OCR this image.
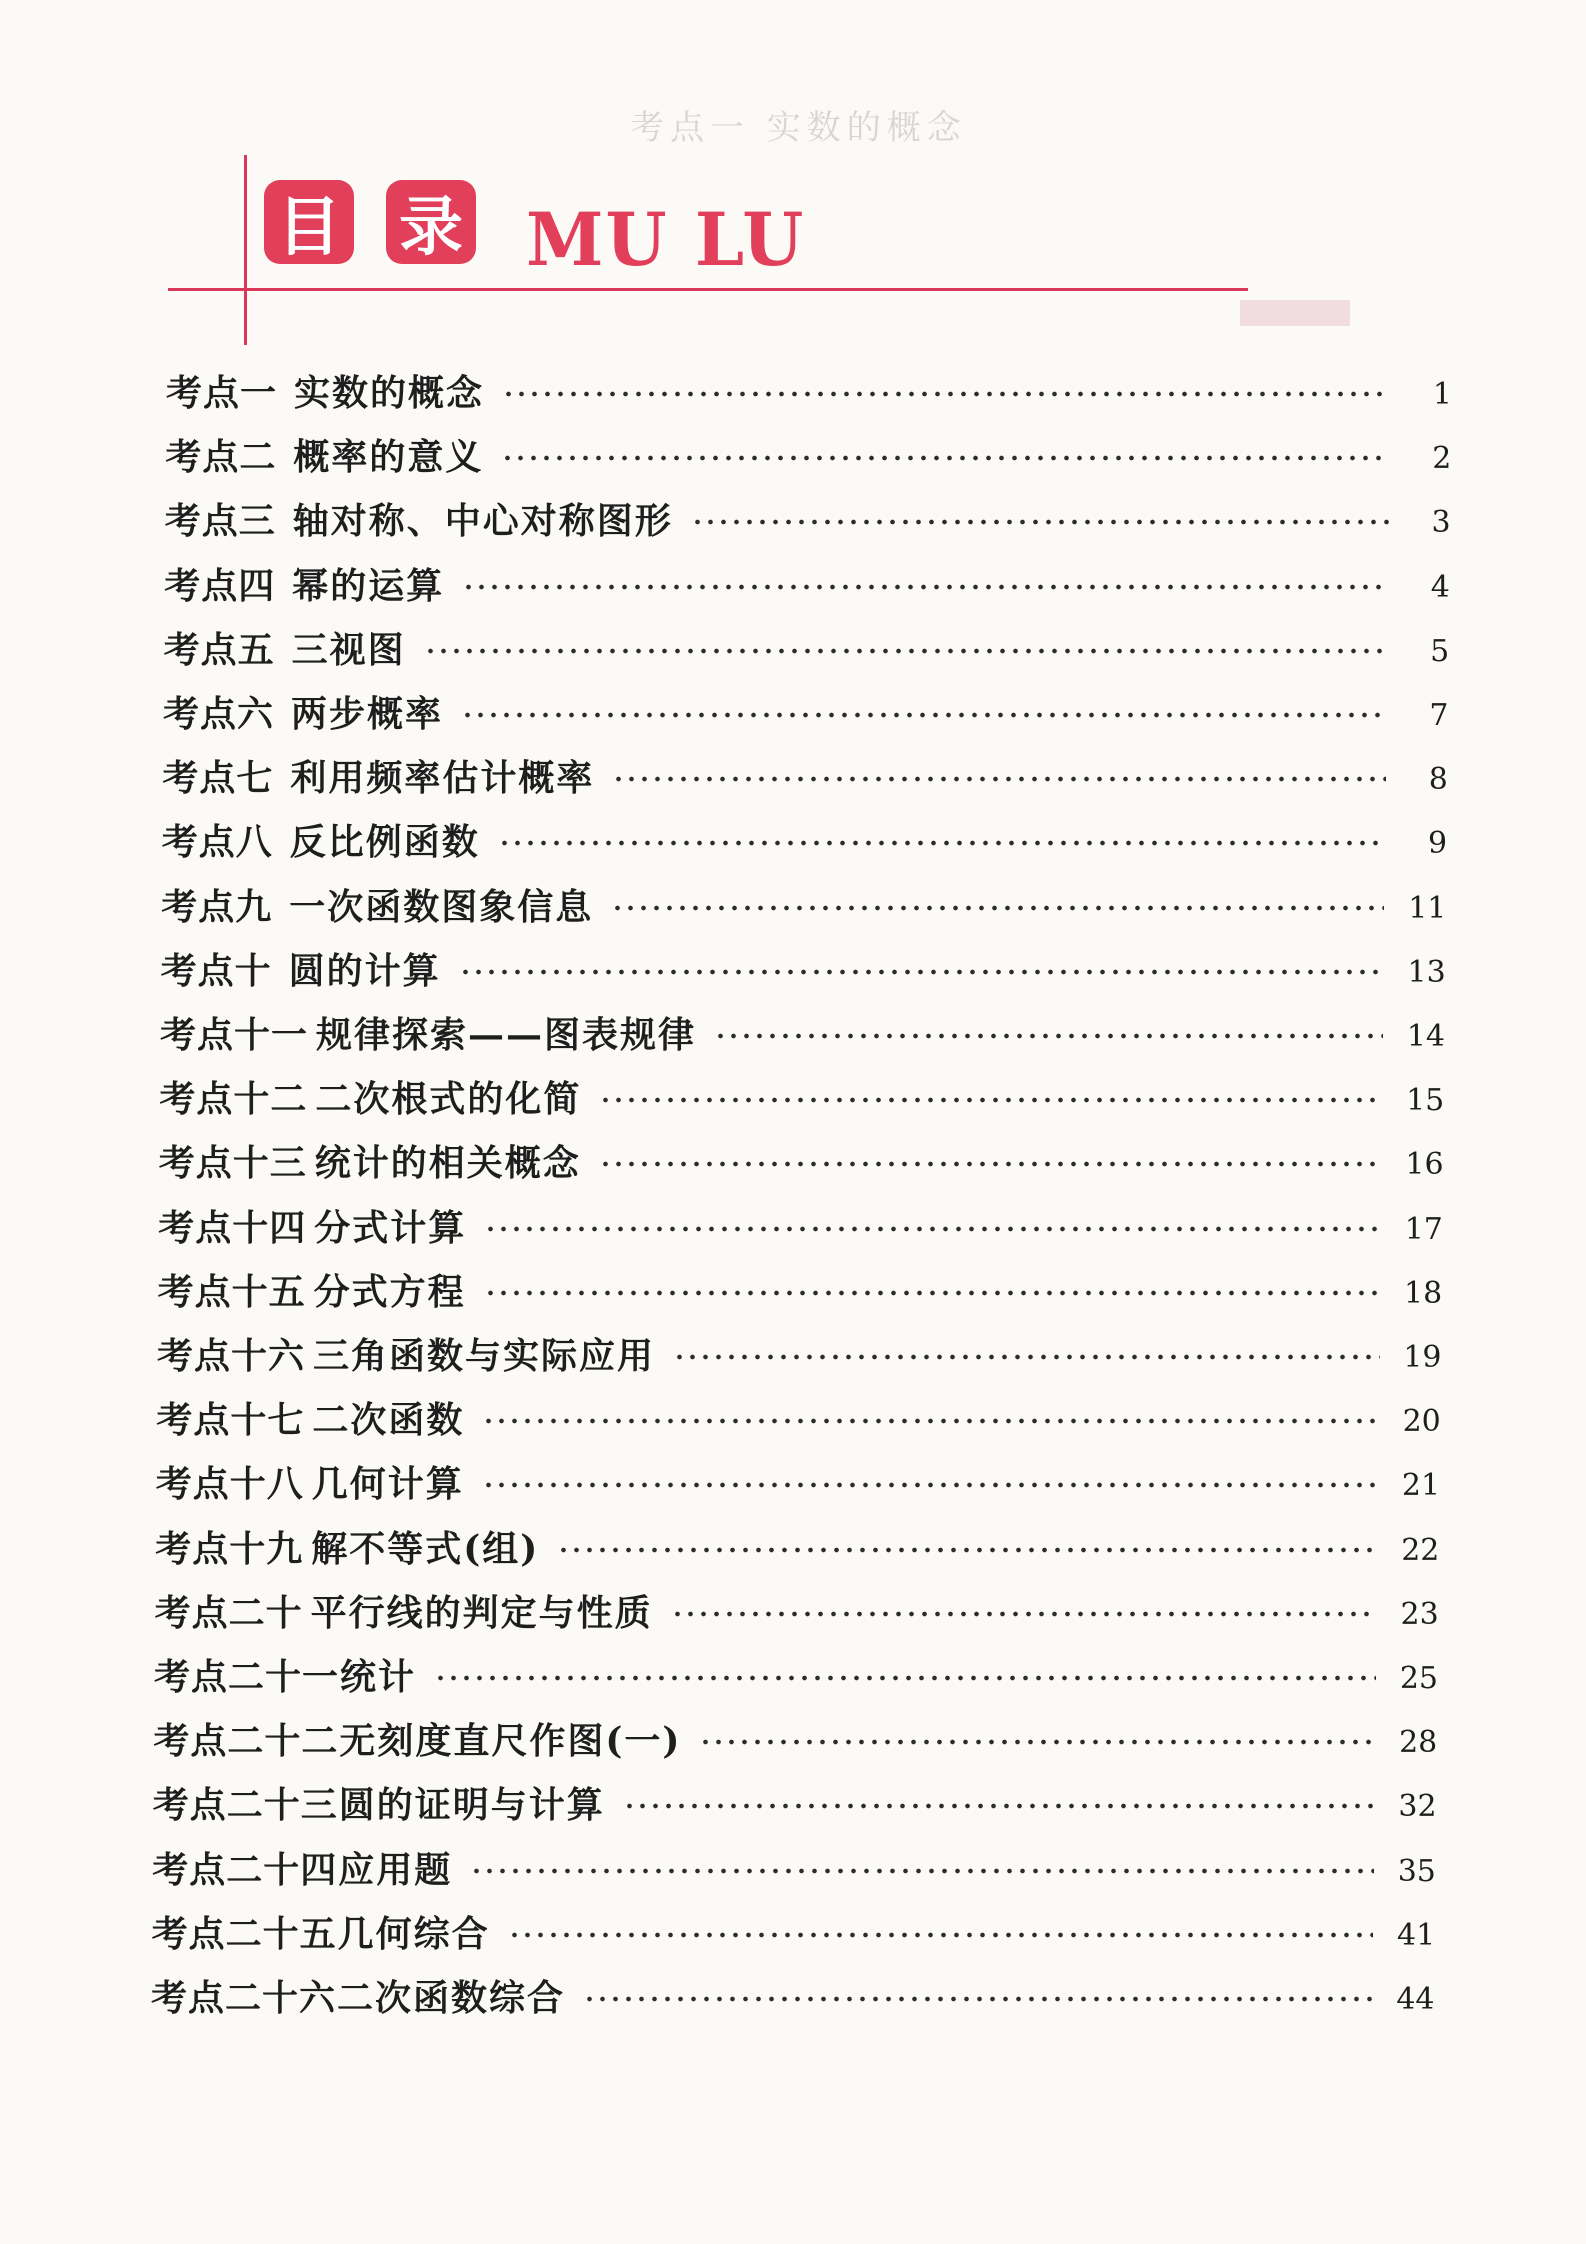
考点一 实数的概念
目 录 MU LU
考点一 实数的概念	1
考点二 概率的意义	2
考点三 轴对称、中心对称图形	3
考点四 幂的运算	4
考点五 三视图	5
考点六 两步概率	7
考点七 利用频率估计概率	8
考点八 反比例函数	9
考点九 一次函数图象信息	11
考点十 圆的计算	13
考点十一 规律探索——图表规律	14
考点十二 二次根式的化简	15
考点十三 统计的相关概念	16
考点十四 分式计算	17
考点十五 分式方程	18
考点十六 三角函数与实际应用	19
考点十七 二次函数	20
考点十八 几何计算	21
考点十九 解不等式(组)	22
考点二十 平行线的判定与性质	23
考点二十一 统计	25
考点二十二 无刻度直尺作图(一)	28
考点二十三 圆的证明与计算	32
考点二十四 应用题	35
考点二十五 几何综合	41
考点二十六 二次函数综合	44
